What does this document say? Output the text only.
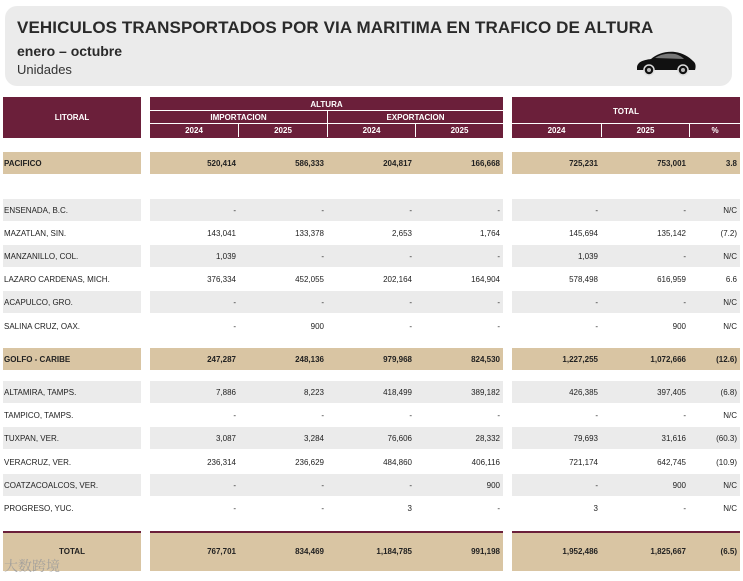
VEHICULOS TRANSPORTADOS POR VIA MARITIMA EN TRAFICO DE ALTURA
enero – octubre
Unidades
LITORAL
ALTURA
IMPORTACION	EXPORTACION
2024	2025	2024	2025
TOTAL
2024	2025	%
PACIFICO	520,414	586,333	204,817	166,668	725,231	753,001	3.8
ENSENADA, B.C.	-	-	-	-	-	-	N/C
MAZATLAN, SIN.	143,041	133,378	2,653	1,764	145,694	135,142	(7.2)
MANZANILLO, COL.	1,039	-	-	-	1,039	-	N/C
LAZARO CARDENAS, MICH.	376,334	452,055	202,164	164,904	578,498	616,959	6.6
ACAPULCO, GRO.	-	-	-	-	-	-	N/C
SALINA CRUZ, OAX.	-	900	-	-	-	900	N/C
GOLFO - CARIBE	247,287	248,136	979,968	824,530	1,227,255	1,072,666	(12.6)
ALTAMIRA, TAMPS.	7,886	8,223	418,499	389,182	426,385	397,405	(6.8)
TAMPICO, TAMPS.	-	-	-	-	-	-	N/C
TUXPAN, VER.	3,087	3,284	76,606	28,332	79,693	31,616	(60.3)
VERACRUZ, VER.	236,314	236,629	484,860	406,116	721,174	642,745	(10.9)
COATZACOALCOS, VER.	-	-	-	900	-	900	N/C
PROGRESO, YUC.	-	-	3	-	3	-	N/C
TOTAL	767,701	834,469	1,184,785	991,198	1,952,486	1,825,667	(6.5)
大数跨境
